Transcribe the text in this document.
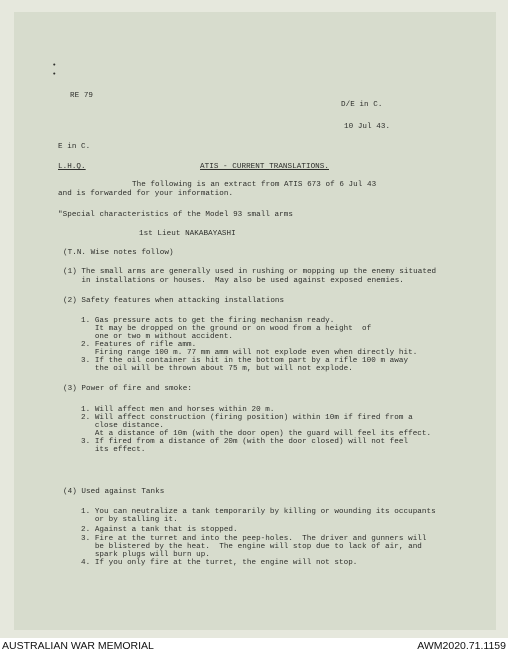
•
•
RE 79
D/E in C.
10 Jul 43.
E in C.
L.H.Q.	ATIS - CURRENT TRANSLATIONS.
The following is an extract from ATIS 673 of 6 Jul 43
and is forwarded for your information.
"Special characteristics of the Model 93 small arms
1st Lieut NAKABAYASHI
(T.N. Wise notes follow)
(1) The small arms are generally used in rushing or mopping up the enemy situated
in installations or houses.  May also be used against exposed enemies.
(2) Safety features when attacking installations
1. Gas pressure acts to get the firing mechanism ready.
It may be dropped on the ground or on wood from a height  of
one or two m without accident.
2. Features of rifle amm.
Firing range 100 m. 77 mm amm will not explode even when directly hit.
3. If the oil container is hit in the bottom part by a rifle 100 m away
the oil will be thrown about 75 m, but will not explode.
(3) Power of fire and smoke:
1. Will affect men and horses within 20 m.
2. Will affect construction (firing position) within 10m if fired from a
close distance.
At a distance of 10m (with the door open) the guard will feel its effect.
3. If fired from a distance of 20m (with the door closed) will not feel
its effect.
(4) Used against Tanks
1. You can neutralize a tank temporarily by killing or wounding its occupants
or by stalling it.
2. Against a tank that is stopped.
3. Fire at the turret and into the peep-holes.  The driver and gunners will
be blistered by the heat.  The engine will stop due to lack of air, and
spark plugs will burn up.
4. If you only fire at the turret, the engine will not stop.
AUSTRALIAN WAR MEMORIAL	AWM2020.71.1159
